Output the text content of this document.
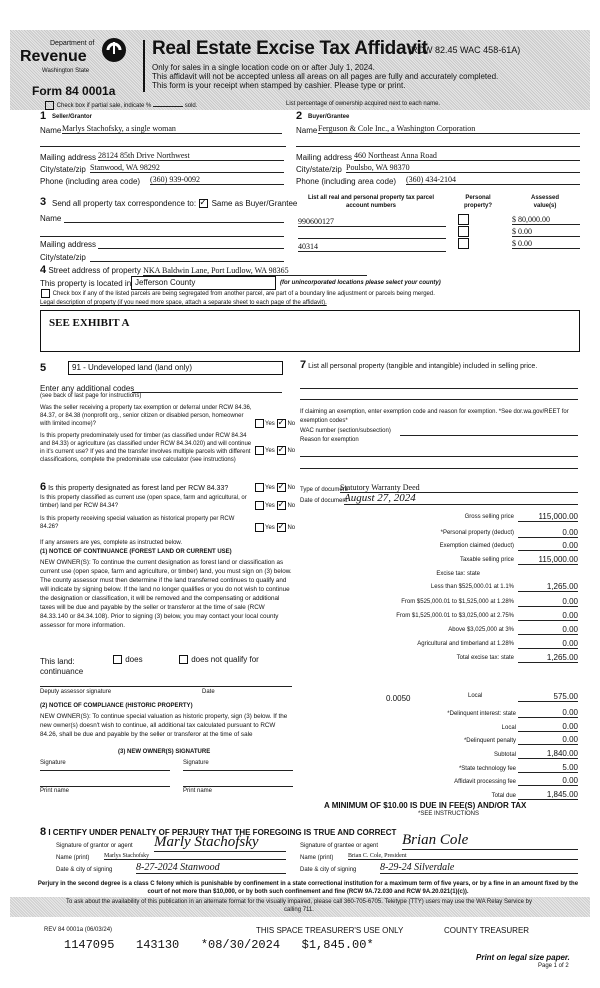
Department of
Revenue
Washington State
Form 84 0001a
Real Estate Excise Tax Affidavit
(RCW 82.45 WAC 458-61A)
Only for sales in a single location code on or after July 1, 2024.
This affidavit will not be accepted unless all areas on all pages are fully and accurately completed.
This form is your receipt when stamped by cashier. Please type or print.
Check box if partial sale, indicate %	sold.	List percentage of ownership acquired next to each name.
1 Seller/Grantor
Name Marlys Stachofsky, a single woman
Mailing address 28124 85th Drive Northwest
City/state/zip Stanwood, WA 98292
Phone (including area code) (360) 939-0092
2 Buyer/Grantee
Name Ferguson & Cole Inc., a Washington Corporation
Mailing address 460 Northeast Anna Road
City/state/zip Poulsbo, WA 98370
Phone (including area code) (360) 434-2104
3 Send all property tax correspondence to: ✓ Same as Buyer/Grantee
Name
Mailing address
City/state/zip
List all real and personal property tax parcel account numbers
Personal property?
Assessed value(s)
990600127	$ 80,000.00
$ 0.00
40314	$ 0.00
4 Street address of property NKA Baldwin Lane, Port Ludlow, WA 98365
This property is located in Jefferson County	(for unincorporated locations please select your county)
Check box if any of the listed parcels are being segregated from another parcel, are part of a boundary line adjustment or parcels being merged.
Legal description of property (if you need more space, attach a separate sheet to each page of the affidavit).
SEE EXHIBIT A
5	91 - Undeveloped land (land only)
Enter any additional codes
(see back of last page for instructions)
Was the seller receiving a property tax exemption or deferral under RCW 84.36, 84.37, or 84.38 (nonprofit org., senior citizen or disabled person, homeowner with limited income)?	Yes ✓ No
Is this property predominately used for timber (as classified under RCW 84.34 and 84.33) or agriculture (as classified under RCW 84.34.020) and will continue in it's current use? If yes and the transfer involves multiple parcels with different classifications, complete the predominate use calculator (see instructions)
Yes ✓ No
6 Is this property designated as forest land per RCW 84.33?	Yes ✓ No
Is this property classified as current use (open space, farm and agricultural, or timber) land per RCW 84.34?	Yes ✓ No
Is this property receiving special valuation as historical property per RCW 84.26?	Yes ✓ No
If any answers are yes, complete as instructed below.
(1) NOTICE OF CONTINUANCE (FOREST LAND OR CURRENT USE)
NEW OWNER(S): To continue the current designation as forest land or classification as current use (open space, farm and agriculture, or timber) land, you must sign on (3) below. The county assessor must then determine if the land transferred continues to qualify and will indicate by signing below. If the land no longer qualifies or you do not wish to continue the designation or classification, it will be removed and the compensating or additional taxes will be due and payable by the seller or transferor at the time of sale (RCW 84.33.140 or 84.34.108). Prior to signing (3) below, you may contact your local county assessor for more information.
This land:
continuance
does	does not qualify for
Deputy assessor signature	Date
(2) NOTICE OF COMPLIANCE (HISTORIC PROPERTY)
NEW OWNER(S): To continue special valuation as historic property, sign (3) below. If the new owner(s) doesn't wish to continue, all additional tax calculated pursuant to RCW 84.26, shall be due and payable by the seller or transferor at the time of sale
(3) NEW OWNER(S) SIGNATURE
Signature	Signature
Print name	Print name
7 List all personal property (tangible and intangible) included in selling price.
If claiming an exemption, enter exemption code and reason for exemption. *See dor.wa.gov/REET for exemption codes*
WAC number (section/subsection)
Reason for exemption
Type of document
Statutory Warranty Deed
Date of document
August 27, 2024
Gross selling price	115,000.00
*Personal property (deduct)	0.00
Exemption claimed (deduct)	0.00
Taxable selling price	115,000.00
Excise tax: state
Less than $525,000.01 at 1.1%	1,265.00
From $525,000.01 to $1,525,000 at 1.28%	0.00
From $1,525,000.01 to $3,025,000 at 2.75%	0.00
Above $3,025,000 at 3%	0.00
Agricultural and timberland at 1.28%	0.00
Total excise tax: state	1,265.00
0.0050	Local	575.00
*Delinquent interest: state	0.00
Local	0.00
*Delinquent penalty	0.00
Subtotal	1,840.00
*State technology fee	5.00
Affidavit processing fee	0.00
Total due	1,845.00
A MINIMUM OF $10.00 IS DUE IN FEE(S) AND/OR TAX
*SEE INSTRUCTIONS
8 I CERTIFY UNDER PENALTY OF PERJURY THAT THE FOREGOING IS TRUE AND CORRECT
Signature of grantor or agent Marly Stachofsky
Name (print) Marlys Stachofsky
Date & city of signing 8-27-2024 Stanwood
Signature of grantee or agent Brian Cole
Name (print) Brian C. Cole, President
Date & city of signing 8-29-24 Silverdale
Perjury in the second degree is a class C felony which is punishable by confinement in a state correctional institution for a maximum term of five years, or by a fine in an amount fixed by the court of not more than $10,000, or by both such confinement and fine (RCW 9A.72.030 and RCW 9A.20.021(1)(c)).
To ask about the availability of this publication in an alternate format for the visually impaired, please call 360-705-6705. Teletype (TTY) users may use the WA Relay Service by calling 711.
REV 84 0001a (06/03/24)	THIS SPACE TREASURER'S USE ONLY	COUNTY TREASURER
1147095   143130   *08/30/2024   $1,845.00*
Print on legal size paper.
Page 1 of 2
